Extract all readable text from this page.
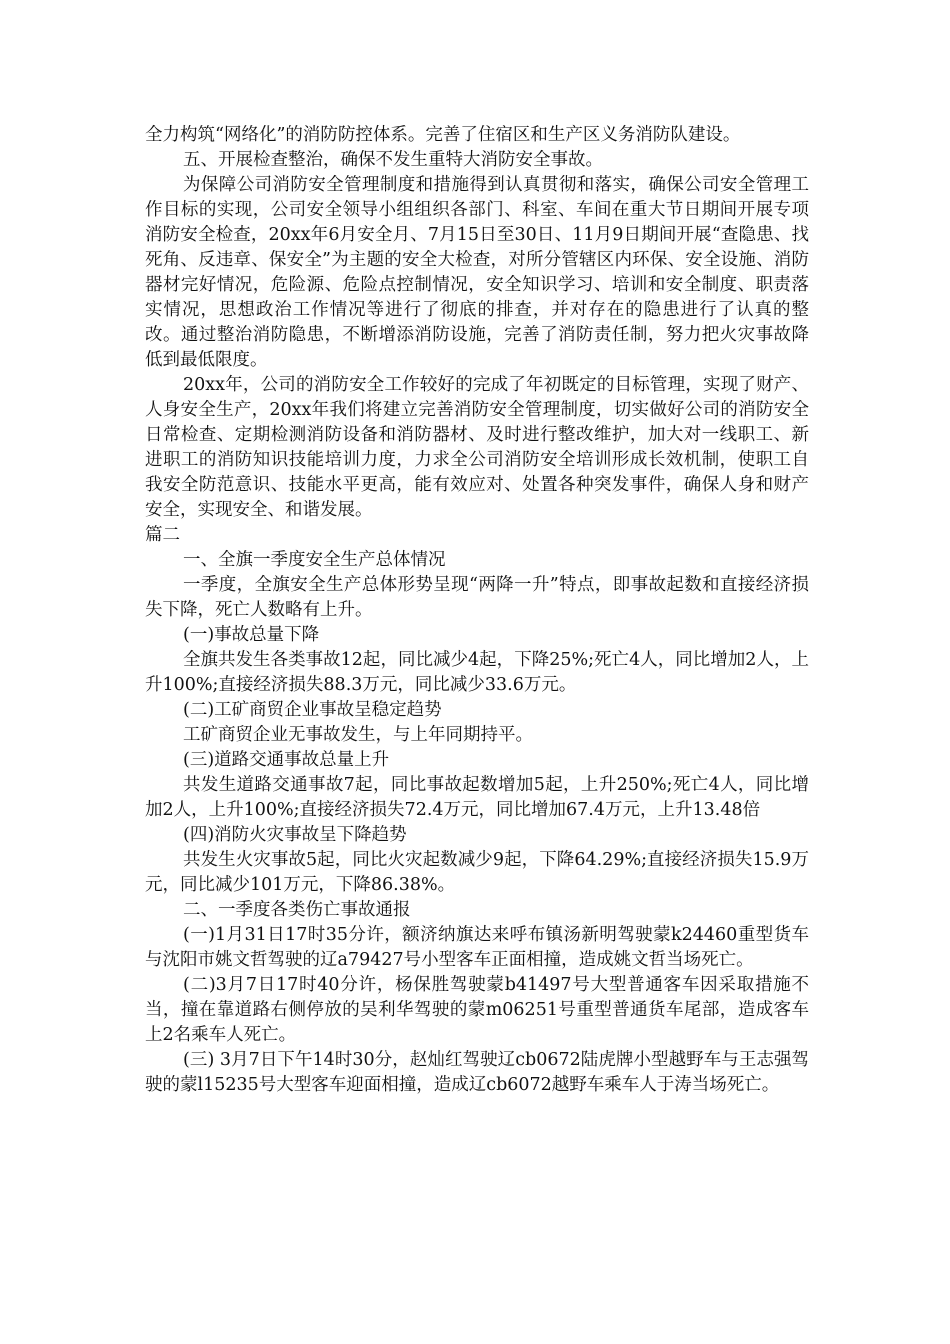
全力构筑“网络化”的消防防控体系。完善了住宿区和生产区义务消防队建设。

五、开展检查整治，确保不发生重特大消防安全事故。

为保障公司消防安全管理制度和措施得到认真贯彻和落实，确保公司安全管理工作目标的实现，公司安全领导小组组织各部门、科室、车间在重大节日期间开展专项消防安全检查，20xx年6月安全月、7月15日至30日、11月9日期间开展“查隐患、找死角、反违章、保安全”为主题的安全大检查，对所分管辖区内环保、安全设施、消防器材完好情况，危险源、危险点控制情况，安全知识学习、培训和安全制度、职责落实情况，思想政治工作情况等进行了彻底的排查，并对存在的隐患进行了认真的整改。通过整治消防隐患，不断增添消防设施，完善了消防责任制，努力把火灾事故降低到最低限度。

20xx年，公司的消防安全工作较好的完成了年初既定的目标管理，实现了财产、人身安全生产，20xx年我们将建立完善消防安全管理制度，切实做好公司的消防安全日常检查、定期检测消防设备和消防器材、及时进行整改维护，加大对一线职工、新进职工的消防知识技能培训力度，力求全公司消防安全培训形成长效机制，使职工自我安全防范意识、技能水平更高，能有效应对、处置各种突发事件，确保人身和财产安全，实现安全、和谐发展。

篇二

一、全旗一季度安全生产总体情况

一季度，全旗安全生产总体形势呈现“两降一升”特点，即事故起数和直接经济损失下降，死亡人数略有上升。

(一)事故总量下降

全旗共发生各类事故12起，同比减少4起，下降25%;死亡4人，同比增加2人，上升100%;直接经济损失88.3万元，同比减少33.6万元。

(二)工矿商贸企业事故呈稳定趋势

工矿商贸企业无事故发生，与上年同期持平。

(三)道路交通事故总量上升

共发生道路交通事故7起，同比事故起数增加5起，上升250%;死亡4人，同比增加2人，上升100%;直接经济损失72.4万元，同比增加67.4万元，上升13.48倍

(四)消防火灾事故呈下降趋势

共发生火灾事故5起，同比火灾起数减少9起，下降64.29%;直接经济损失15.9万元，同比减少101万元，下降86.38%。

二、一季度各类伤亡事故通报

(一)1月31日17时35分许，额济纳旗达来呼布镇汤新明驾驶蒙k24460重型货车与沈阳市姚文哲驾驶的辽a79427号小型客车正面相撞，造成姚文哲当场死亡。

(二)3月7日17时40分许，杨保胜驾驶蒙b41497号大型普通客车因采取措施不当，撞在靠道路右侧停放的吴利华驾驶的蒙m06251号重型普通货车尾部，造成客车上2名乘车人死亡。

(三) 3月7日下午14时30分，赵灿红驾驶辽cb0672陆虎牌小型越野车与王志强驾驶的蒙l15235号大型客车迎面相撞，造成辽cb6072越野车乘车人于涛当场死亡。
